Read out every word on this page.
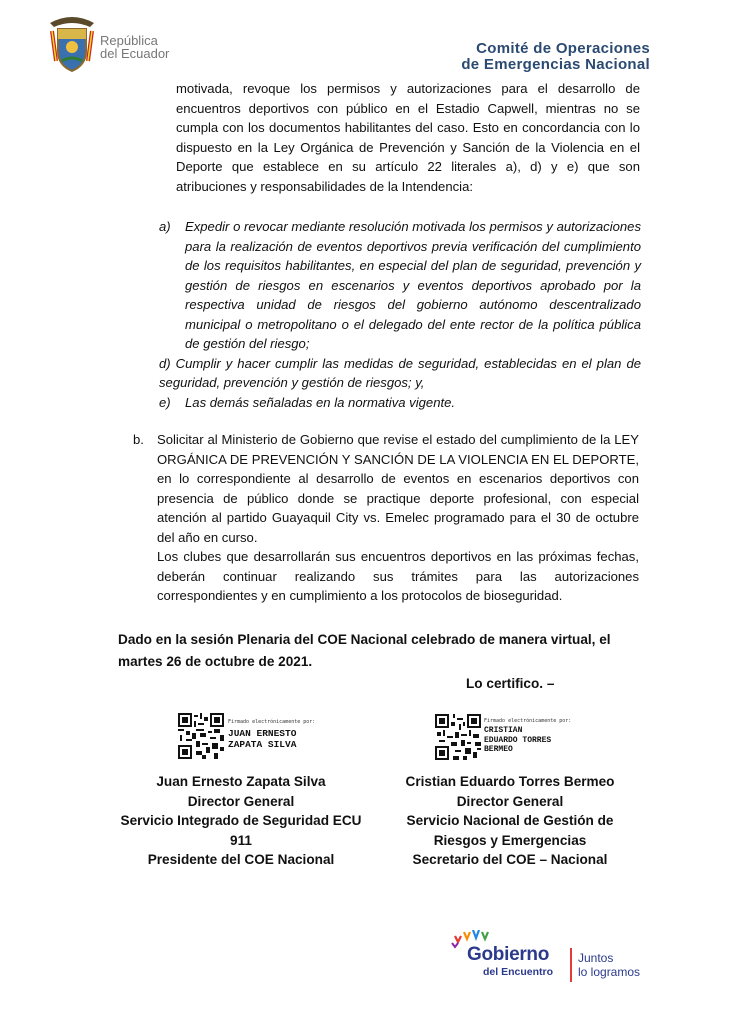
República
del Ecuador	Comité de Operaciones
de Emergencias Nacional
motivada, revoque los permisos y autorizaciones para el desarrollo de encuentros deportivos con público en el Estadio Capwell, mientras no se cumpla con los documentos habilitantes del caso. Esto en concordancia con lo dispuesto en la Ley Orgánica de Prevención y Sanción de la Violencia en el Deporte que establece en su artículo 22 literales a), d) y e) que son atribuciones y responsabilidades de la Intendencia:
a) Expedir o revocar mediante resolución motivada los permisos y autorizaciones para la realización de eventos deportivos previa verificación del cumplimiento de los requisitos habilitantes, en especial del plan de seguridad, prevención y gestión de riesgos en escenarios y eventos deportivos aprobado por la respectiva unidad de riesgos del gobierno autónomo descentralizado municipal o metropolitano o el delegado del ente rector de la política pública de gestión del riesgo;
d) Cumplir y hacer cumplir las medidas de seguridad, establecidas en el plan de seguridad, prevención y gestión de riesgos; y,
e) Las demás señaladas en la normativa vigente.
b. Solicitar al Ministerio de Gobierno que revise el estado del cumplimiento de la LEY ORGÁNICA DE PREVENCIÓN Y SANCIÓN DE LA VIOLENCIA EN EL DEPORTE, en lo correspondiente al desarrollo de eventos en escenarios deportivos con presencia de público donde se practique deporte profesional, con especial atención al partido Guayaquil City vs. Emelec programado para el 30 de octubre del año en curso.
Los clubes que desarrollarán sus encuentros deportivos en las próximas fechas, deberán continuar realizando sus trámites para las autorizaciones correspondientes y en cumplimiento a los protocolos de bioseguridad.
Dado en la sesión Plenaria del COE Nacional celebrado de manera virtual, el martes 26 de octubre de 2021.
Lo certifico. –
Firmado electrónicamente por:
JUAN ERNESTO
ZAPATA SILVA
Firmado electrónicamente por:
CRISTIAN
EDUARDO TORRES
BERMEO
Juan Ernesto Zapata Silva
Director General
Servicio Integrado de Seguridad ECU 911
Presidente del COE Nacional
Cristian Eduardo Torres Bermeo
Director General
Servicio Nacional de Gestión de Riesgos y Emergencias
Secretario del COE – Nacional
Gobierno
del Encuentro
Juntos
lo logramos
